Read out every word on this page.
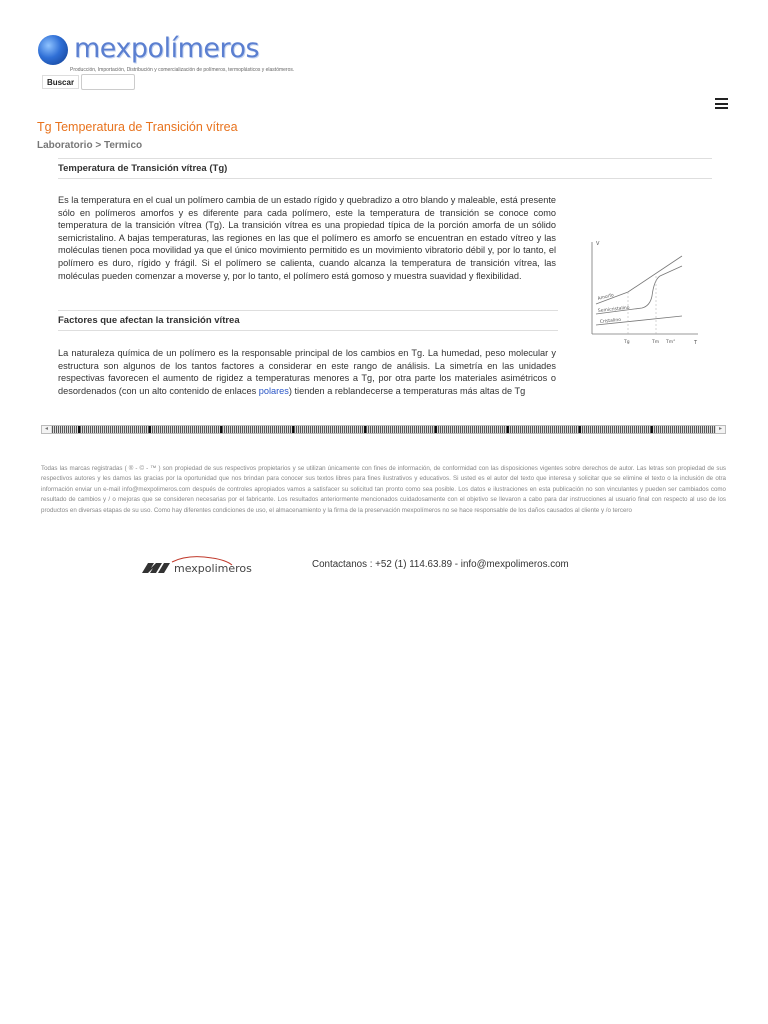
mexpolímeros
Producción, Importación, Distribución y comercialización de polímeros, termoplásticos y elastómeros.
Buscar
Tg Temperatura de Transición vítrea
Laboratorio > Termico
Temperatura de Transición vítrea (Tg)
Es la temperatura en el cual un polímero cambia de un estado rígido y quebradizo a otro blando y maleable, está presente sólo en polímeros amorfos y es diferente para cada polímero, este la temperatura de transición se conoce como temperatura de la transición vítrea (Tg). La transición vítrea es una propiedad típica de la porción amorfa de un sólido semicristalino. A bajas temperaturas, las regiones en las que el polímero es amorfo se encuentran en estado vítreo y las moléculas tienen poca movilidad ya que el único movimiento permitido es un movimiento vibratorio débil y, por lo tanto, el polímero es duro, rígido y frágil. Si el polímero se calienta, cuando alcanza la temperatura de transición vítrea, las moléculas pueden comenzar a moverse y, por lo tanto, el polímero está gomoso y muestra suavidad y flexibilidad.
Factores que afectan la transición vítrea
La naturaleza química de un polímero es la responsable principal de los cambios en Tg. La humedad, peso molecular y estructura son algunos de los tantos factores a considerar en este rango de análisis. La simetría en las unidades respectivas favorecen el aumento de rigidez a temperaturas menores a Tg, por otra parte los materiales asimétricos o desordenados (con un alto contenido de enlaces polares) tienden a reblandecerse a temperaturas más altas de Tg
V
T
Amorfo
Semicristalino
Cristalino
Tg	Tm Tm°
◂	▸
Todas las marcas registradas ( ® - © - ™ ) son propiedad de sus respectivos propietarios y se utilizan únicamente con fines de información, de conformidad con las disposiciones vigentes sobre derechos de autor. Las letras son propiedad de sus respectivos autores y les damos las gracias por la oportunidad que nos brindan para conocer sus textos libres para fines ilustrativos y educativos. Si usted es el autor del texto que interesa y solicitar que se elimine el texto o la inclusión de otra información enviar un e-mail info@mexpolimeros.com después de controles apropiados vamos a satisfacer su solicitud tan pronto como sea posible. Los datos e ilustraciones en esta publicación no son vinculantes y pueden ser cambiados como resultado de cambios y / o mejoras que se consideren necesarias por el fabricante. Los resultados anteriormente mencionados cuidadosamente con el objetivo se llevaron a cabo para dar instrucciones al usuario final con respecto al uso de los productos en diversas etapas de su uso. Como hay diferentes condiciones de uso, el almacenamiento y la firma de la preservación mexpolímeros no se hace responsable de los daños causados al cliente y /o tercero
mexpolimeros	Contactanos : +52 (1) 114.63.89 - info@mexpolimeros.com
